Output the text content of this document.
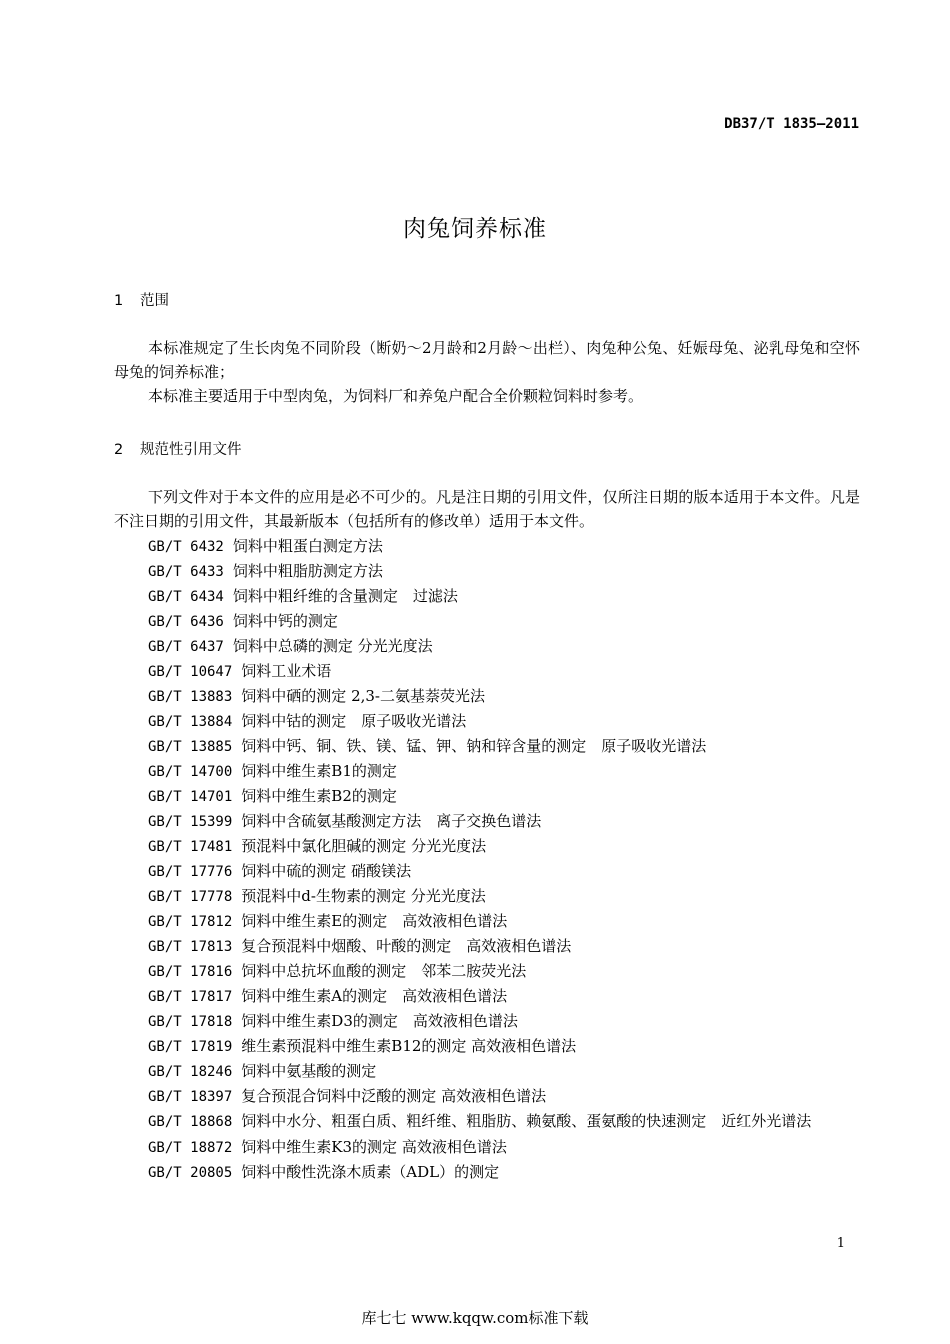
DB37/T 1835—2011
肉兔饲养标准
1 范围
本标准规定了生长肉兔不同阶段（断奶～2月龄和2月龄～出栏）、肉兔种公兔、妊娠母兔、泌乳母兔和空怀母兔的饲养标准；
本标准主要适用于中型肉兔，为饲料厂和养兔户配合全价颗粒饲料时参考。
2 规范性引用文件
下列文件对于本文件的应用是必不可少的。凡是注日期的引用文件，仅所注日期的版本适用于本文件。凡是不注日期的引用文件，其最新版本（包括所有的修改单）适用于本文件。
GB/T 6432 饲料中粗蛋白测定方法
GB/T 6433 饲料中粗脂肪测定方法
GB/T 6434 饲料中粗纤维的含量测定　过滤法
GB/T 6436 饲料中钙的测定
GB/T 6437 饲料中总磷的测定 分光光度法
GB/T 10647 饲料工业术语
GB/T 13883 饲料中硒的测定 2,3-二氨基萘荧光法
GB/T 13884 饲料中钴的测定　原子吸收光谱法
GB/T 13885 饲料中钙、铜、铁、镁、锰、钾、钠和锌含量的测定　原子吸收光谱法
GB/T 14700 饲料中维生素B1的测定
GB/T 14701 饲料中维生素B2的测定
GB/T 15399 饲料中含硫氨基酸测定方法　离子交换色谱法
GB/T 17481 预混料中氯化胆碱的测定 分光光度法
GB/T 17776 饲料中硫的测定 硝酸镁法
GB/T 17778 预混料中d-生物素的测定 分光光度法
GB/T 17812 饲料中维生素E的测定　高效液相色谱法
GB/T 17813 复合预混料中烟酸、叶酸的测定　高效液相色谱法
GB/T 17816 饲料中总抗坏血酸的测定　邻苯二胺荧光法
GB/T 17817 饲料中维生素A的测定　高效液相色谱法
GB/T 17818 饲料中维生素D3的测定　高效液相色谱法
GB/T 17819 维生素预混料中维生素B12的测定 高效液相色谱法
GB/T 18246 饲料中氨基酸的测定
GB/T 18397 复合预混合饲料中泛酸的测定 高效液相色谱法
GB/T 18868 饲料中水分、粗蛋白质、粗纤维、粗脂肪、赖氨酸、蛋氨酸的快速测定　近红外光谱法
GB/T 18872 饲料中维生素K3的测定 高效液相色谱法
GB/T 20805 饲料中酸性洗涤木质素（ADL）的测定
1
库七七 www.kqqw.com标准下载
